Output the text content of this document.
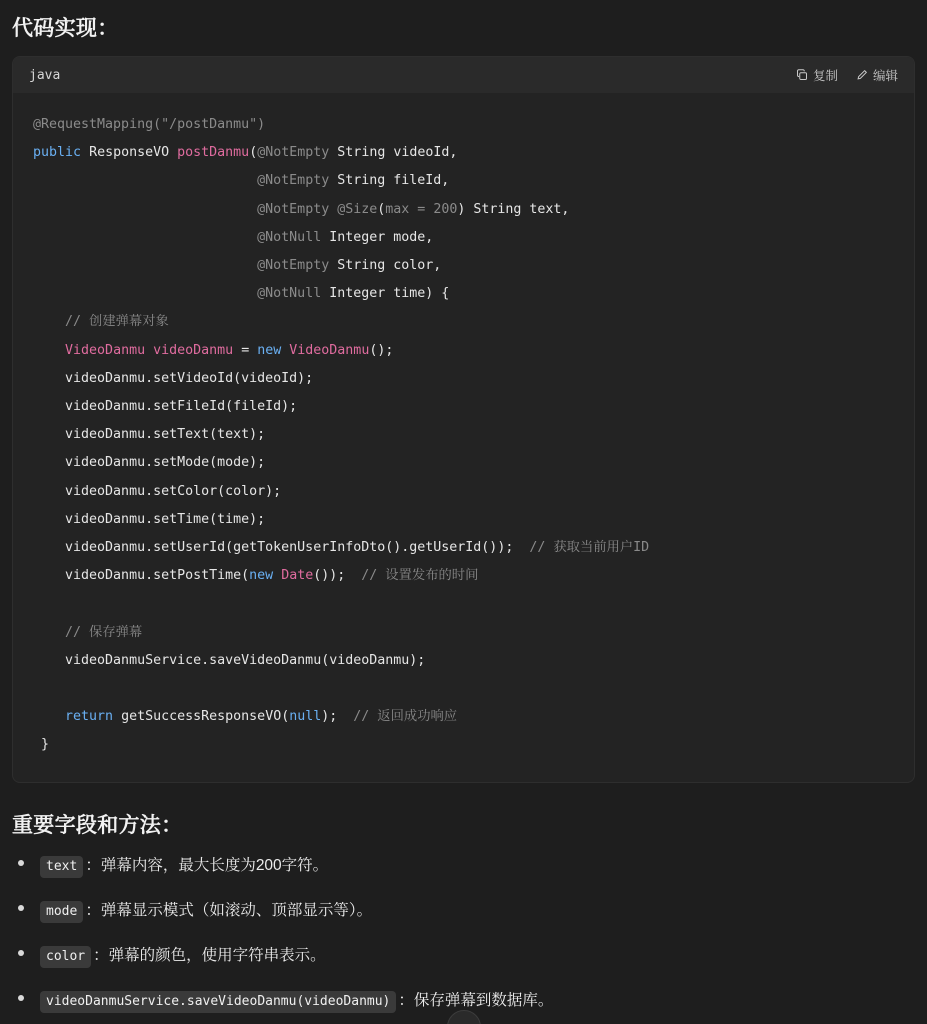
代码实现：
java	复制	编辑
@RequestMapping("/postDanmu")
public ResponseVO postDanmu(@NotEmpty String videoId,
@NotEmpty String fileId,
@NotEmpty @Size(max = 200) String text,
@NotNull Integer mode,
@NotEmpty String color,
@NotNull Integer time) {
// 创建弹幕对象
VideoDanmu videoDanmu = new VideoDanmu();
videoDanmu.setVideoId(videoId);
videoDanmu.setFileId(fileId);
videoDanmu.setText(text);
videoDanmu.setMode(mode);
videoDanmu.setColor(color);
videoDanmu.setTime(time);
videoDanmu.setUserId(getTokenUserInfoDto().getUserId());  // 获取当前用户ID
videoDanmu.setPostTime(new Date());  // 设置发布的时间

// 保存弹幕
videoDanmuService.saveVideoDanmu(videoDanmu);

return getSuccessResponseVO(null);  // 返回成功响应
}
重要字段和方法：
text ：弹幕内容，最大长度为200字符。
mode ：弹幕显示模式（如滚动、顶部显示等）。
color ：弹幕的颜色，使用字符串表示。
videoDanmuService.saveVideoDanmu(videoDanmu) ：保存弹幕到数据库。
